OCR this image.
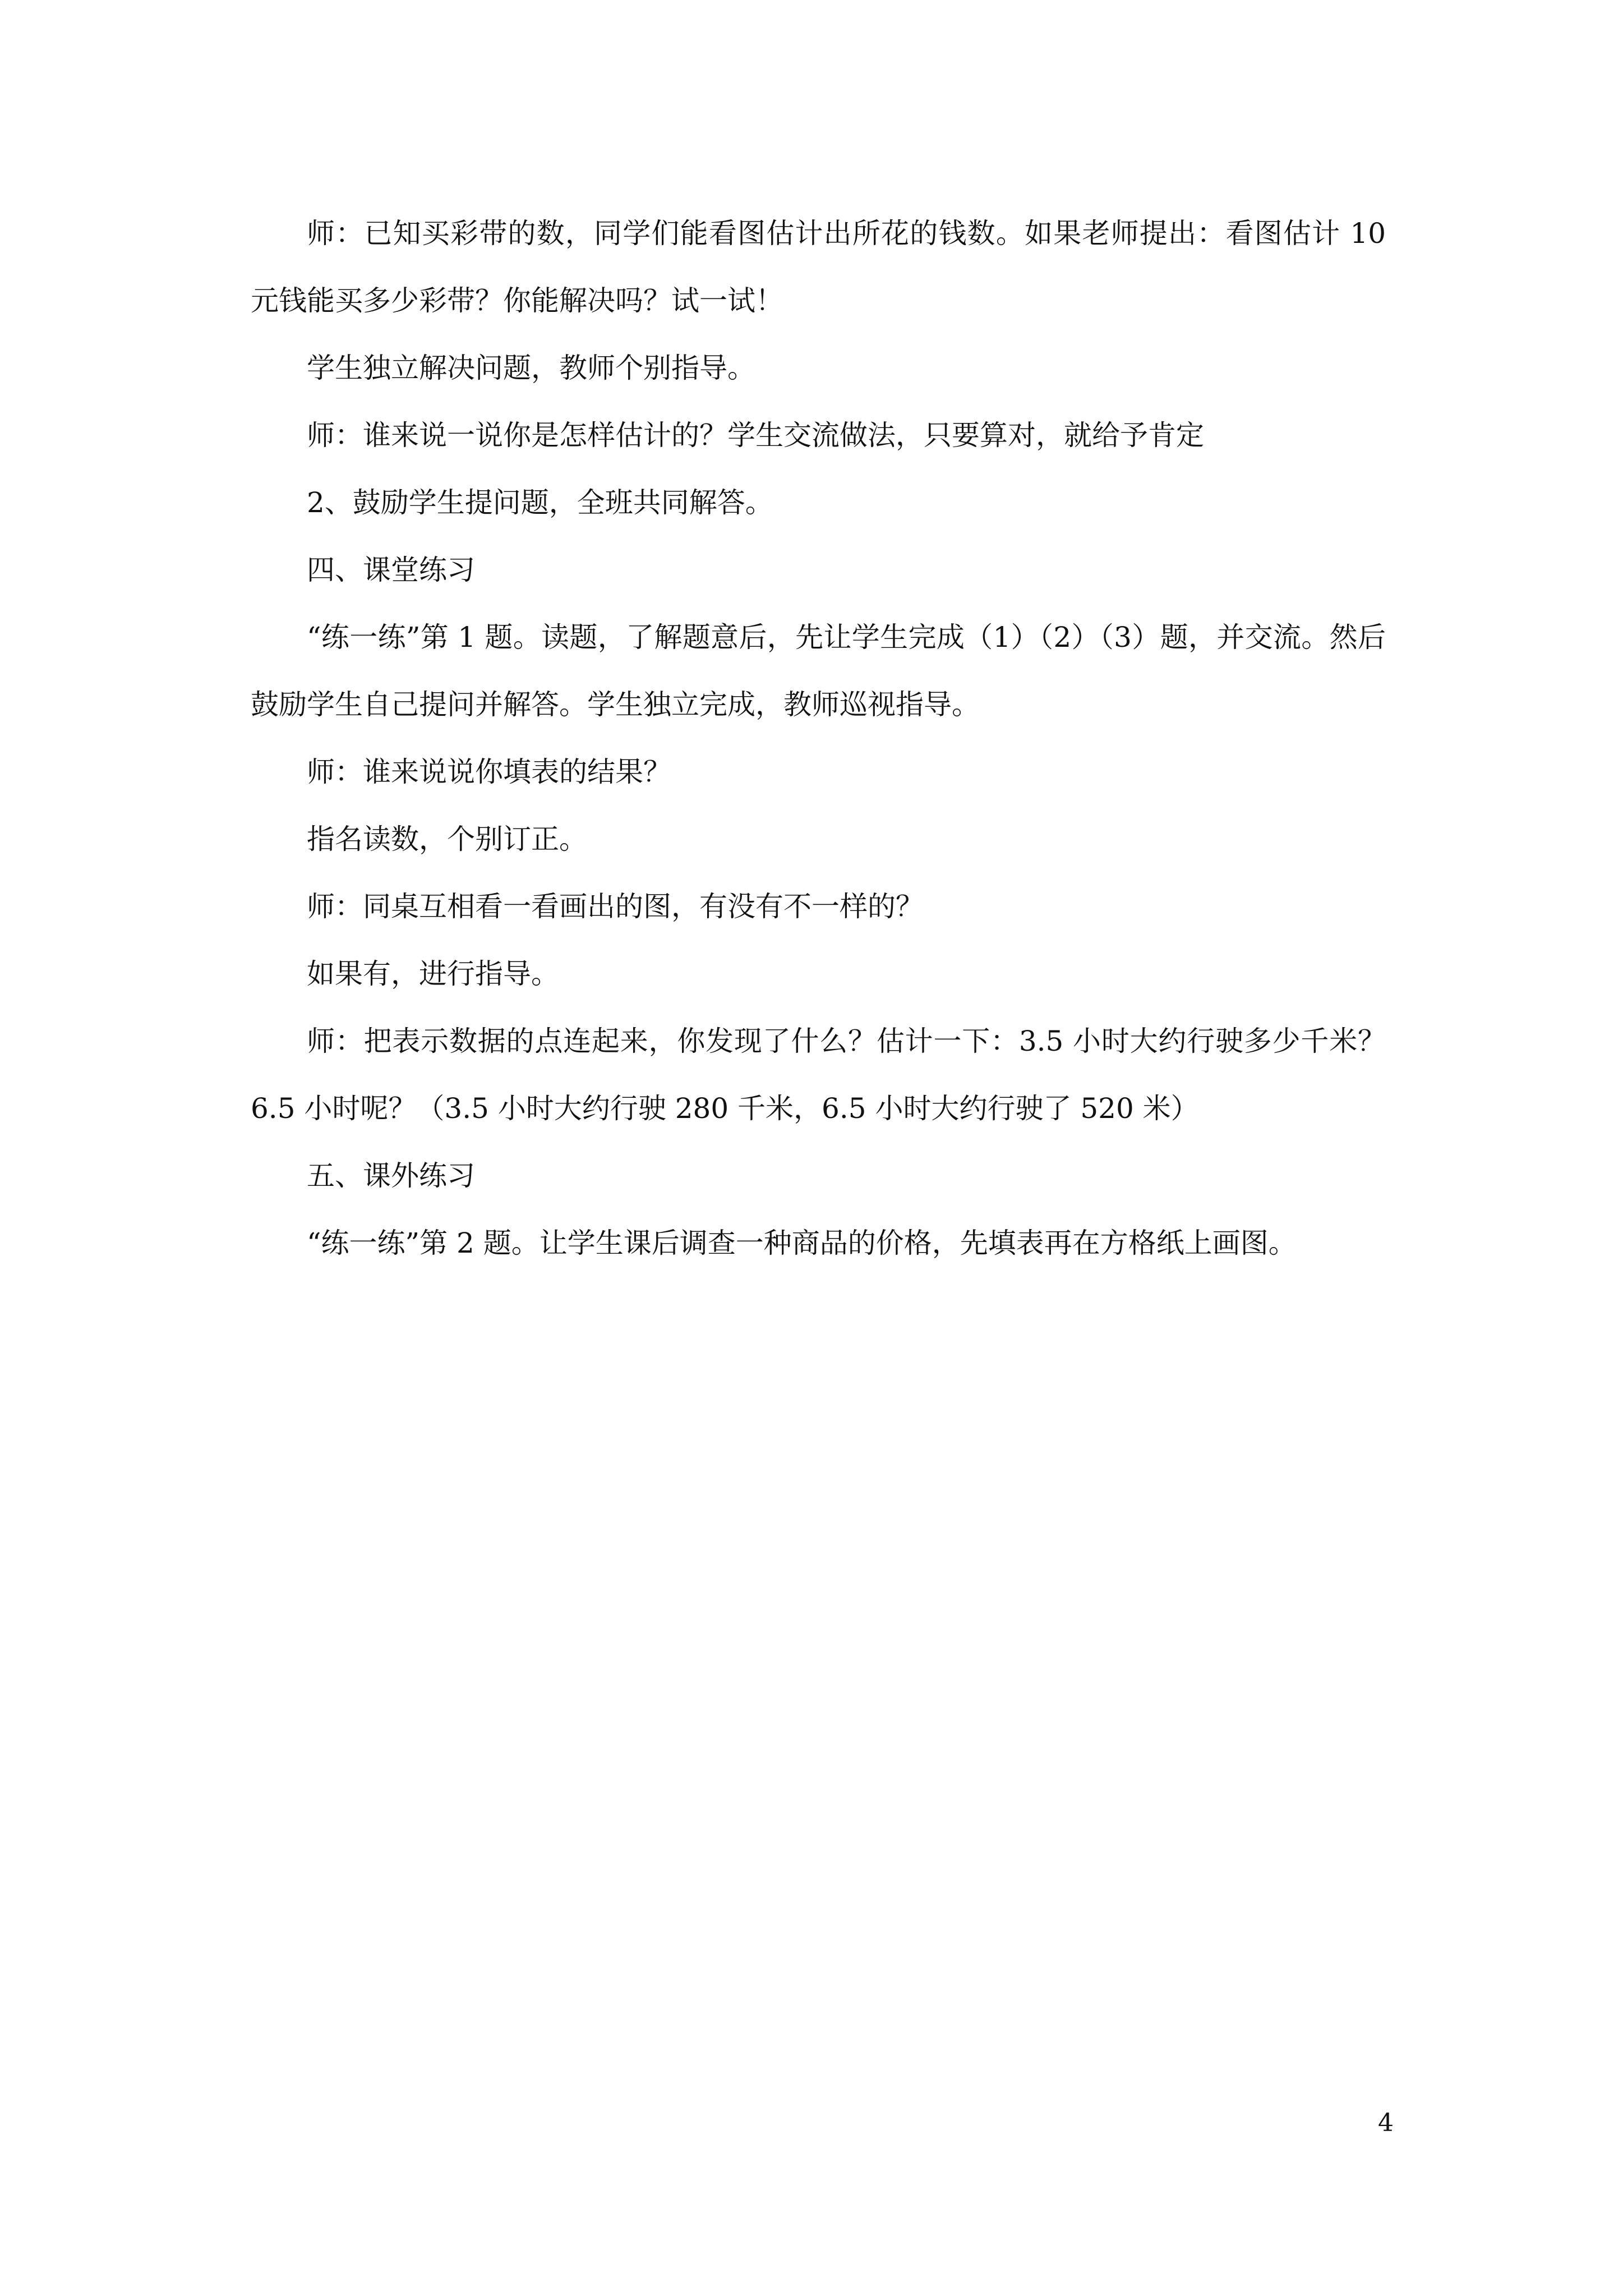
师：已知买彩带的数，同学们能看图估计出所花的钱数。如果老师提出：看图估计 10 元钱能买多少彩带？你能解决吗？试一试！

学生独立解决问题，教师个别指导。

师：谁来说一说你是怎样估计的？学生交流做法，只要算对，就给予肯定

2、鼓励学生提问题，全班共同解答。

四、课堂练习

“练一练”第 1 题。读题，了解题意后，先让学生完成（1）（2）（3）题，并交流。然后鼓励学生自己提问并解答。学生独立完成，教师巡视指导。

师：谁来说说你填表的结果？

指名读数，个别订正。

师：同桌互相看一看画出的图，有没有不一样的？

如果有，进行指导。

师：把表示数据的点连起来，你发现了什么？估计一下：3.5 小时大约行驶多少千米？6.5 小时呢？（3.5 小时大约行驶 280 千米，6.5 小时大约行驶了 520 米）

五、课外练习

“练一练”第 2 题。让学生课后调查一种商品的价格，先填表再在方格纸上画图。

4
